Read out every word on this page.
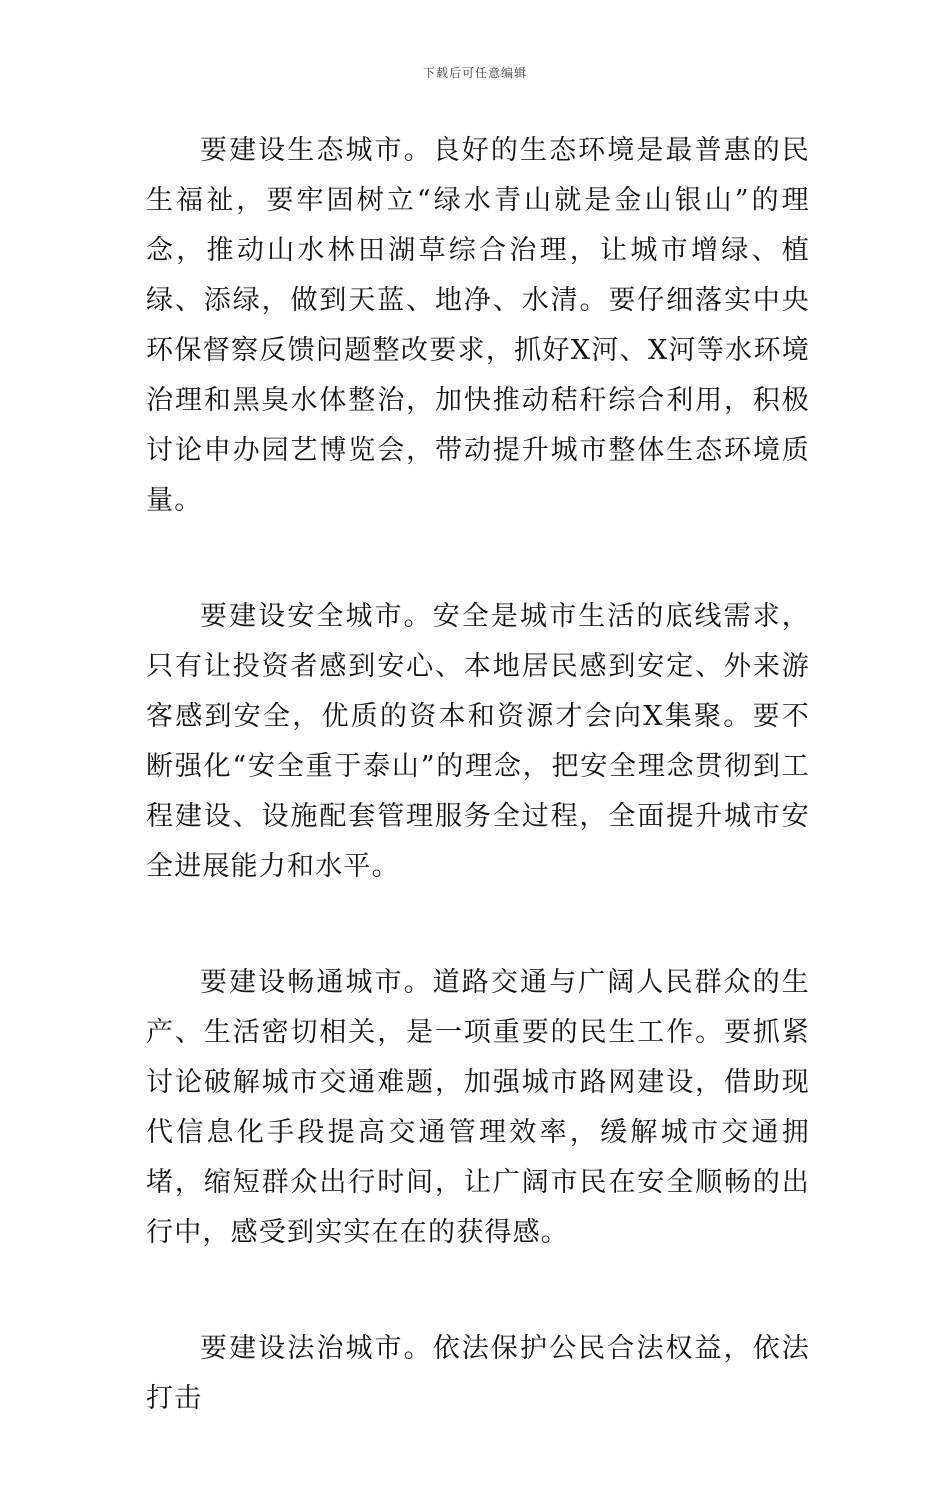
下载后可任意编辑

要建设生态城市。良好的生态环境是最普惠的民生福祉，要牢固树立“绿水青山就是金山银山”的理念，推动山水林田湖草综合治理，让城市增绿、植绿、添绿，做到天蓝、地净、水清。要仔细落实中央环保督察反馈问题整改要求，抓好X河、X河等水环境治理和黑臭水体整治，加快推动秸秆综合利用，积极讨论申办园艺博览会，带动提升城市整体生态环境质量。

要建设安全城市。安全是城市生活的底线需求，只有让投资者感到安心、本地居民感到安定、外来游客感到安全，优质的资本和资源才会向X集聚。要不断强化“安全重于泰山”的理念，把安全理念贯彻到工程建设、设施配套管理服务全过程，全面提升城市安全进展能力和水平。

要建设畅通城市。道路交通与广阔人民群众的生产、生活密切相关，是一项重要的民生工作。要抓紧讨论破解城市交通难题，加强城市路网建设，借助现代信息化手段提高交通管理效率，缓解城市交通拥堵，缩短群众出行时间，让广阔市民在安全顺畅的出行中，感受到实实在在的获得感。

要建设法治城市。依法保护公民合法权益，依法打击
